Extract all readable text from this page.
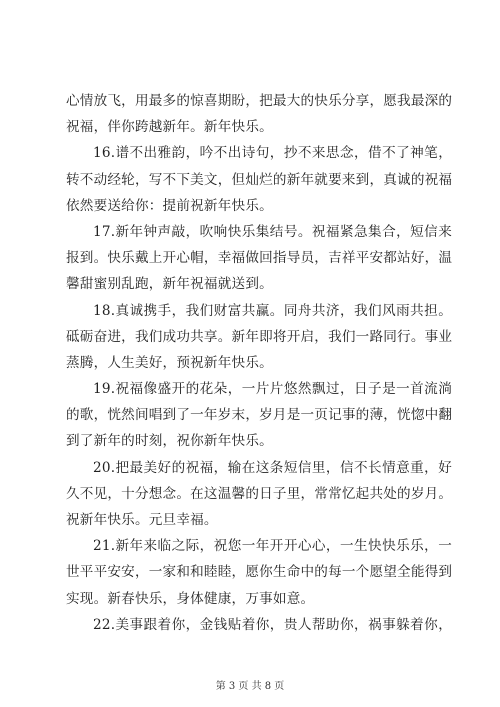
心情放飞，用最多的惊喜期盼，把最大的快乐分享，愿我最深的
祝福，伴你跨越新年。新年快乐。
16.谱不出雅韵，吟不出诗句，抄不来思念，借不了神笔，
转不动经轮，写不下美文，但灿烂的新年就要来到，真诚的祝福
依然要送给你：提前祝新年快乐。
17.新年钟声敲，吹响快乐集结号。祝福紧急集合，短信来
报到。快乐戴上开心帽，幸福做回指导员，吉祥平安都站好，温
馨甜蜜别乱跑，新年祝福就送到。
18.真诚携手，我们财富共赢。同舟共济，我们风雨共担。
砥砺奋进，我们成功共享。新年即将开启，我们一路同行。事业
蒸腾，人生美好，预祝新年快乐。
19.祝福像盛开的花朵，一片片悠然飘过，日子是一首流淌
的歌，恍然间唱到了一年岁末，岁月是一页记事的薄，恍惚中翻
到了新年的时刻，祝你新年快乐。
20.把最美好的祝福，输在这条短信里，信不长情意重，好
久不见，十分想念。在这温馨的日子里，常常忆起共处的岁月。
祝新年快乐。元旦幸福。
21.新年来临之际，祝您一年开开心心，一生快快乐乐，一
世平平安安，一家和和睦睦，愿你生命中的每一个愿望全能得到
实现。新春快乐，身体健康，万事如意。
22.美事跟着你，金钱贴着你，贵人帮助你，祸事躲着你，
第 3 页 共 8 页
